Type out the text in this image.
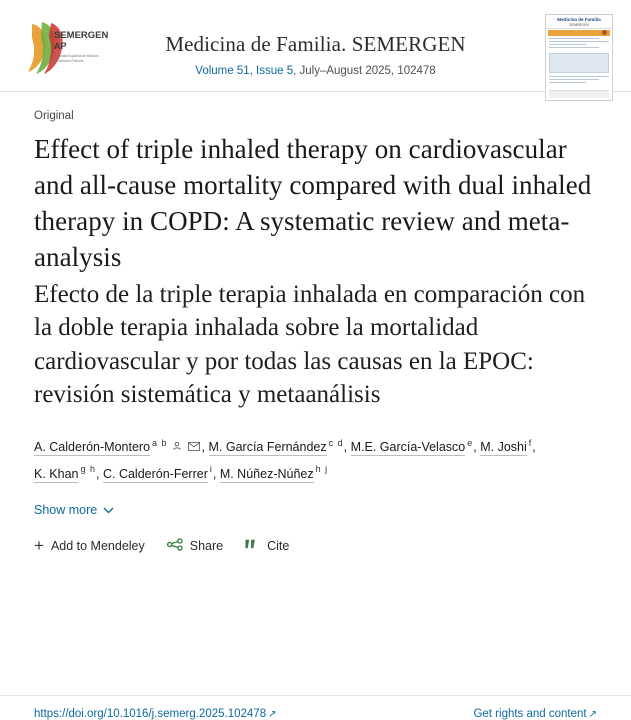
SEMERGEN
AP
Sociedad Española de Médicos
de Atención Primaria
Medicina de Familia. SEMERGEN
Volume 51, Issue 5, July–August 2025, 102478
Medicina de Familia
SEMERGEN
Original
Effect of triple inhaled therapy on cardiovascular and all-cause mortality compared with dual inhaled therapy in COPD: A systematic review and meta-analysis
Efecto de la triple terapia inhalada en comparación con la doble terapia inhalada sobre la mortalidad cardiovascular y por todas las causas en la EPOC: revisión sistemática y metaanálisis
A. Calderón-Montero $^{a b}$	, M. García Fernández $^{c d}$, M.E. García-Velasco $^e$, M. Joshi $^f$,
K. Khan $^{g h}$, C. Calderón-Ferrer $^i$, M. Núñez-Núñez $^{h j}$
Show more
+ Add to Mendeley	Share	Cite
https://doi.org/10.1016/j.semerg.2025.102478 ↗	Get rights and content ↗
